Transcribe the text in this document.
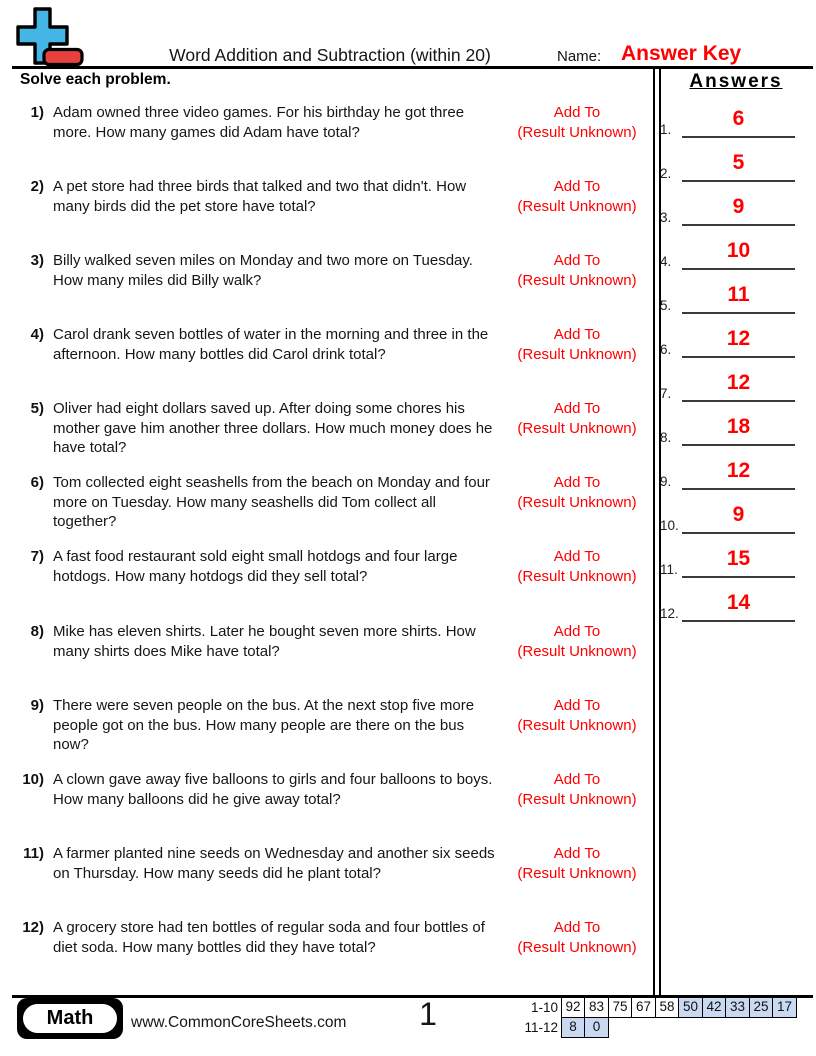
Word Addition and Subtraction (within 20)	Name: Answer Key
Solve each problem.
1) Adam owned three video games. For his birthday he got three more. How many games did Adam have total?
Add To
(Result Unknown)
2) A pet store had three birds that talked and two that didn't. How many birds did the pet store have total?
Add To
(Result Unknown)
3) Billy walked seven miles on Monday and two more on Tuesday. How many miles did Billy walk?
Add To
(Result Unknown)
4) Carol drank seven bottles of water in the morning and three in the afternoon. How many bottles did Carol drink total?
Add To
(Result Unknown)
5) Oliver had eight dollars saved up. After doing some chores his mother gave him another three dollars. How much money does he have total?
Add To
(Result Unknown)
6) Tom collected eight seashells from the beach on Monday and four more on Tuesday. How many seashells did Tom collect all together?
Add To
(Result Unknown)
7) A fast food restaurant sold eight small hotdogs and four large hotdogs. How many hotdogs did they sell total?
Add To
(Result Unknown)
8) Mike has eleven shirts. Later he bought seven more shirts. How many shirts does Mike have total?
Add To
(Result Unknown)
9) There were seven people on the bus. At the next stop five more people got on the bus. How many people are there on the bus now?
Add To
(Result Unknown)
10) A clown gave away five balloons to girls and four balloons to boys. How many balloons did he give away total?
Add To
(Result Unknown)
11) A farmer planted nine seeds on Wednesday and another six seeds on Thursday. How many seeds did he plant total?
Add To
(Result Unknown)
12) A grocery store had ten bottles of regular soda and four bottles of diet soda. How many bottles did they have total?
Add To
(Result Unknown)
Answers
1.	6
2.	5
3.	9
4.	10
5.	11
6.	12
7.	12
8.	18
9.	12
10.	9
11.	15
12.	14
Math	www.CommonCoreSheets.com	1	1-10 92 83 75 67 58 50 42 33 25 17
11-12 8	0
